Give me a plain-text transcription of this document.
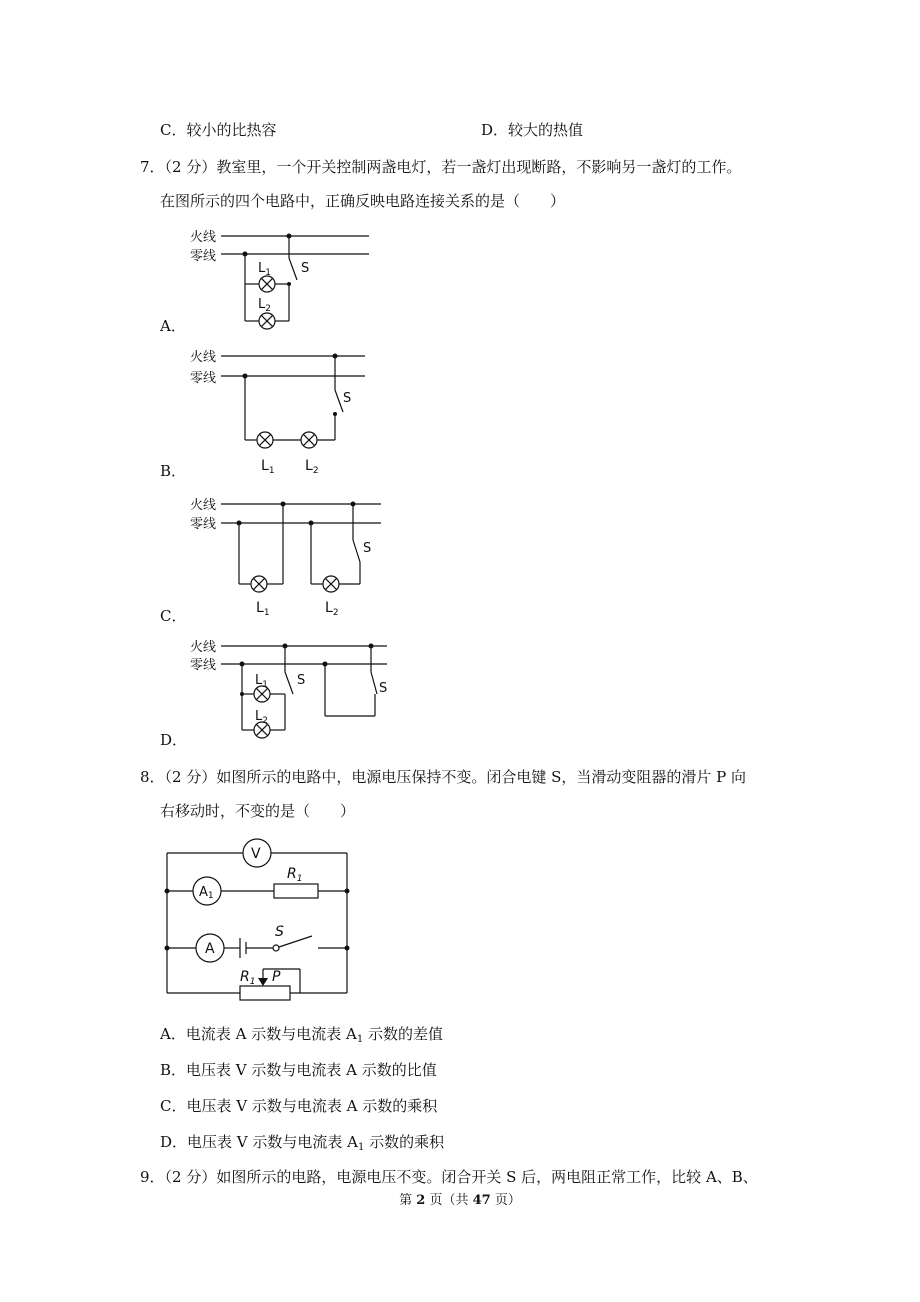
C．较小的比热容	D．较大的热值
7．（2 分）教室里，一个开关控制两盏电灯，若一盏灯出现断路，不影响另一盏灯的工作。
在图所示的四个电路中，正确反映电路连接关系的是（　　）
火线
零线
$L_1$
$L_2$
S
A．
火线
零线
S
$L_1$ $L_2$
B．
火线
零线
S
$L_1$	$L_2$
C．
火线
零线
$L_1$
$L_2$
S
S
D．
8．（2 分）如图所示的电路中，电源电压保持不变。闭合电键 S，当滑动变阻器的滑片 P 向
右移动时，不变的是（　　）
V
A1
A
$R_1$
S
$R_1$ P
A．电流表 A 示数与电流表 $A_1$ 示数的差值
B．电压表 V 示数与电流表 A 示数的比值
C．电压表 V 示数与电流表 A 示数的乘积
D．电压表 V 示数与电流表 $A_1$ 示数的乘积
9．（2 分）如图所示的电路，电源电压不变。闭合开关 S 后，两电阻正常工作，比较 A、B、
第 2 页（共 47 页）
